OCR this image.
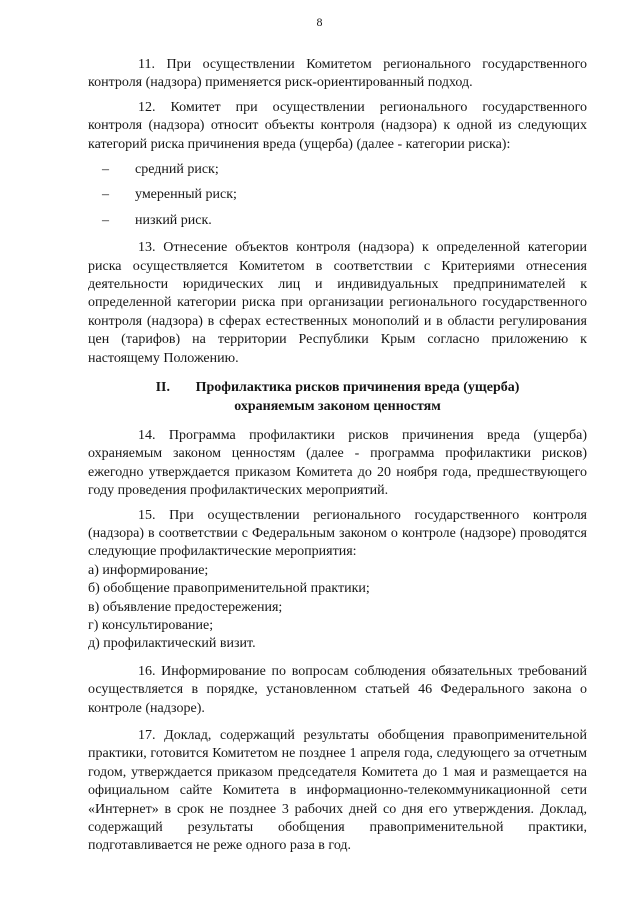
8

11. При осуществлении Комитетом регионального государственного контроля (надзора) применяется риск-ориентированный подход.

12. Комитет при осуществлении регионального государственного контроля (надзора) относит объекты контроля (надзора) к одной из следующих категорий риска причинения вреда (ущерба) (далее - категории риска):

– средний риск;
– умеренный риск;
– низкий риск.

13. Отнесение объектов контроля (надзора) к определенной категории риска осуществляется Комитетом в соответствии с Критериями отнесения деятельности юридических лиц и индивидуальных предпринимателей к определенной категории риска при организации регионального государственного контроля (надзора) в сферах естественных монополий и в области регулирования цен (тарифов) на территории Республики Крым согласно приложению к настоящему Положению.

II. Профилактика рисков причинения вреда (ущерба)
охраняемым законом ценностям

14. Программа профилактики рисков причинения вреда (ущерба) охраняемым законом ценностям (далее - программа профилактики рисков) ежегодно утверждается приказом Комитета до 20 ноября года, предшествующего году проведения профилактических мероприятий.

15. При осуществлении регионального государственного контроля (надзора) в соответствии с Федеральным законом о контроле (надзоре) проводятся следующие профилактические мероприятия:

а) информирование;

б) обобщение правоприменительной практики;

в) объявление предостережения;

г) консультирование;

д) профилактический визит.

16. Информирование по вопросам соблюдения обязательных требований осуществляется в порядке, установленном статьей 46 Федерального закона о контроле (надзоре).

17. Доклад, содержащий результаты обобщения правоприменительной практики, готовится Комитетом не позднее 1 апреля года, следующего за отчетным годом, утверждается приказом председателя Комитета до 1 мая и размещается на официальном сайте Комитета в информационно-телекоммуникационной сети «Интернет» в срок не позднее 3 рабочих дней со дня его утверждения. Доклад, содержащий результаты обобщения правоприменительной практики, подготавливается не реже одного раза в год.
